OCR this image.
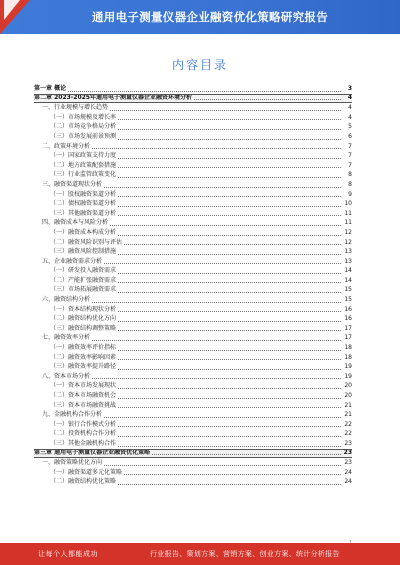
通用电子测量仪器企业融资优化策略研究报告
内容目录
第一章 概论	3
第二章 2023-2025年通用电子测量仪器企业融资环境分析	4
一、行业规模与增长趋势	4
（一）市场规模及增长率	4
（二）市场竞争格局分析	5
（三）市场发展前景预测	6
二、政策环境分析	7
（一）国家政策支持力度	7
（二）地方政策配套措施	7
（三）行业监管政策变化	8
三、融资渠道现状分析	8
（一）股权融资渠道分析	9
（二）债权融资渠道分析	10
（三）其他融资渠道分析	11
四、融资成本与风险分析	11
（一）融资成本构成分析	12
（二）融资风险识别与评估	12
（三）融资风险控制措施	13
五、企业融资需求分析	13
（一）研发投入融资需求	14
（二）产能扩张融资需求	14
（三）市场拓展融资需求	15
六、融资结构分析	15
（一）资本结构现状分析	16
（二）融资结构优化方向	16
（三）融资结构调整策略	17
七、融资效率分析	17
（一）融资效率评价指标	18
（二）融资效率影响因素	18
（三）融资效率提升路径	19
八、资本市场分析	19
（一）资本市场发展现状	20
（二）资本市场融资机会	20
（三）资本市场融资挑战	21
九、金融机构合作分析	21
（一）银行合作模式分析	22
（二）投资机构合作分析	22
（三）其他金融机构合作	23
第三章 通用电子测量仪器企业融资优化策略	23
一、融资策略优化方向	23
（一）融资渠道多元化策略	24
（二）融资结构优化策略	24
让每个人都能成功	行业报告、策划方案、营销方案、创业方案、统计分析报告
